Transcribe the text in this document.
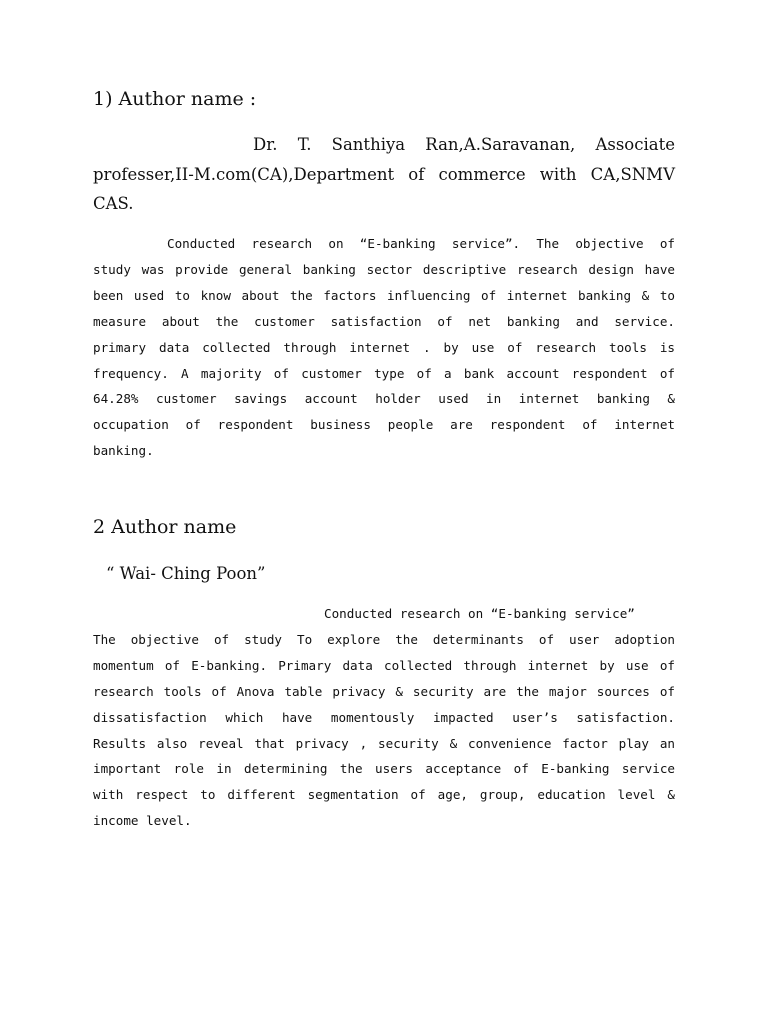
1) Author name :
Dr. T. Santhiya Ran,A.Saravanan, Associate
professer,II-M.com(CA),Department of commerce with CA,SNMV
CAS.
Conducted research on “E-banking service”. The objective of
study was provide general banking sector descriptive research design have
been used to know about the factors influencing of internet banking & to
measure about the customer satisfaction of net banking and service.
primary data collected through internet . by use of research tools is
frequency. A majority of customer type of a bank account respondent of
64.28% customer savings account holder used in internet banking &
occupation of respondent business people are respondent of internet
banking.
2 Author name
“ Wai- Ching Poon”
Conducted research on “E-banking service”
The objective of study To explore the determinants of user adoption
momentum of E-banking. Primary data collected through internet by use of
research tools of Anova table privacy & security are the major sources of
dissatisfaction which have momentously impacted user’s satisfaction.
Results also reveal that privacy , security & convenience factor play an
important role in determining the users acceptance of E-banking service
with respect to different segmentation of age, group, education level &
income level.
